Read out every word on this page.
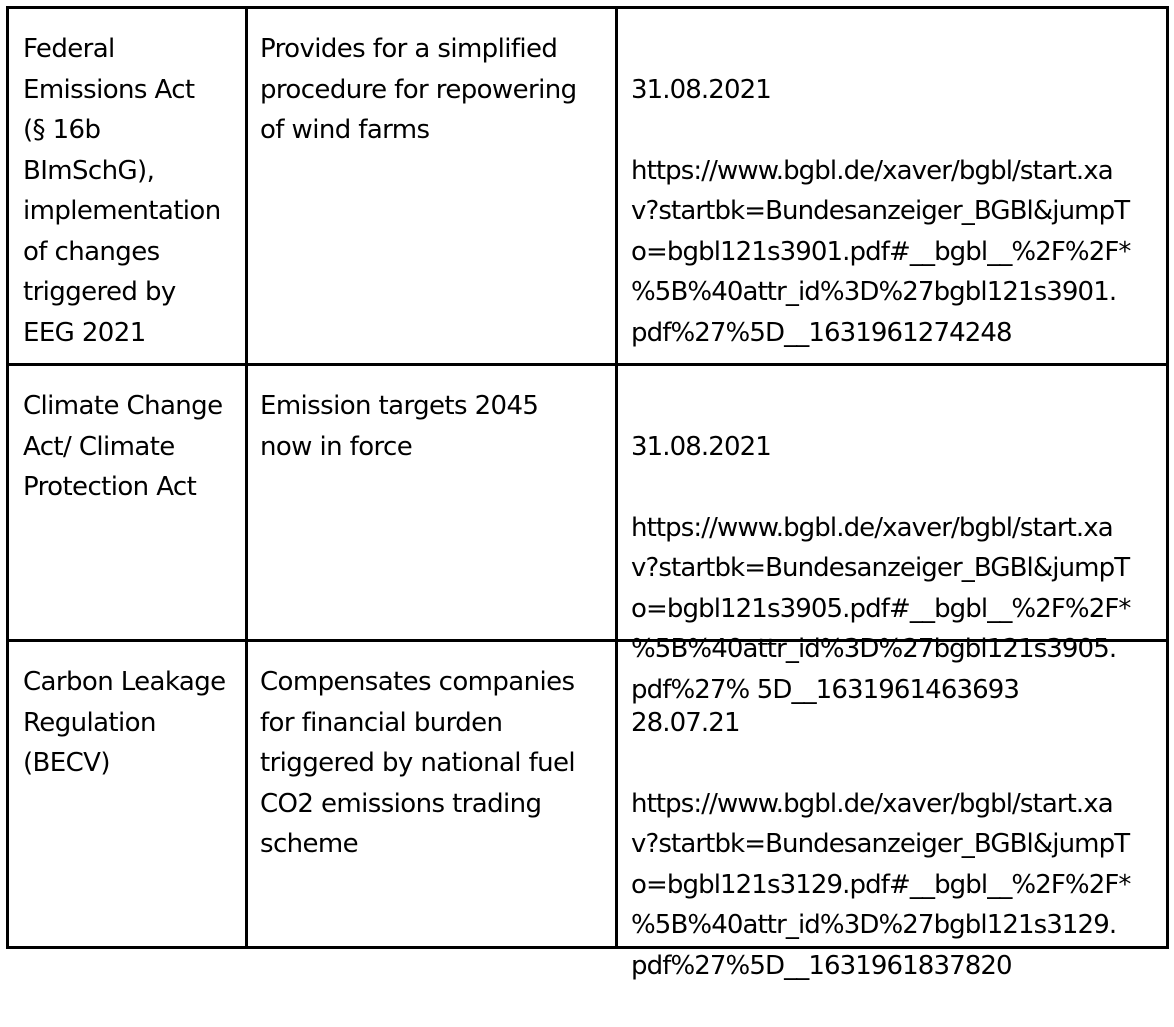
Federal
Emissions Act
(§ 16b
BImSchG),
implementation
of changes
triggered by
EEG 2021
Provides for a simplified
procedure for repowering
of wind farms

31.08.2021

https://www.bgbl.de/xaver/bgbl/start.xa
v?startbk=Bundesanzeiger_BGBl&jumpT
o=bgbl121s3901.pdf#__bgbl__%2F%2F*
%5B%40attr_id%3D%27bgbl121s3901.
pdf%27%5D__1631961274248

Climate Change
Act/ Climate
Protection Act
Emission targets 2045
now in force	31.08.2021

https://www.bgbl.de/xaver/bgbl/start.xa
v?startbk=Bundesanzeiger_BGBl&jumpT
o=bgbl121s3905.pdf#__bgbl__%2F%2F*
%5B%40attr_id%3D%27bgbl121s3905.
pdf%27% 5D__1631961463693

Carbon Leakage
Regulation
(BECV)
Compensates companies
for financial burden
triggered by national fuel
CO2 emissions trading
scheme

28.07.21

https://www.bgbl.de/xaver/bgbl/start.xa
v?startbk=Bundesanzeiger_BGBl&jumpT
o=bgbl121s3129.pdf#__bgbl__%2F%2F*
%5B%40attr_id%3D%27bgbl121s3129.
pdf%27%5D__1631961837820
